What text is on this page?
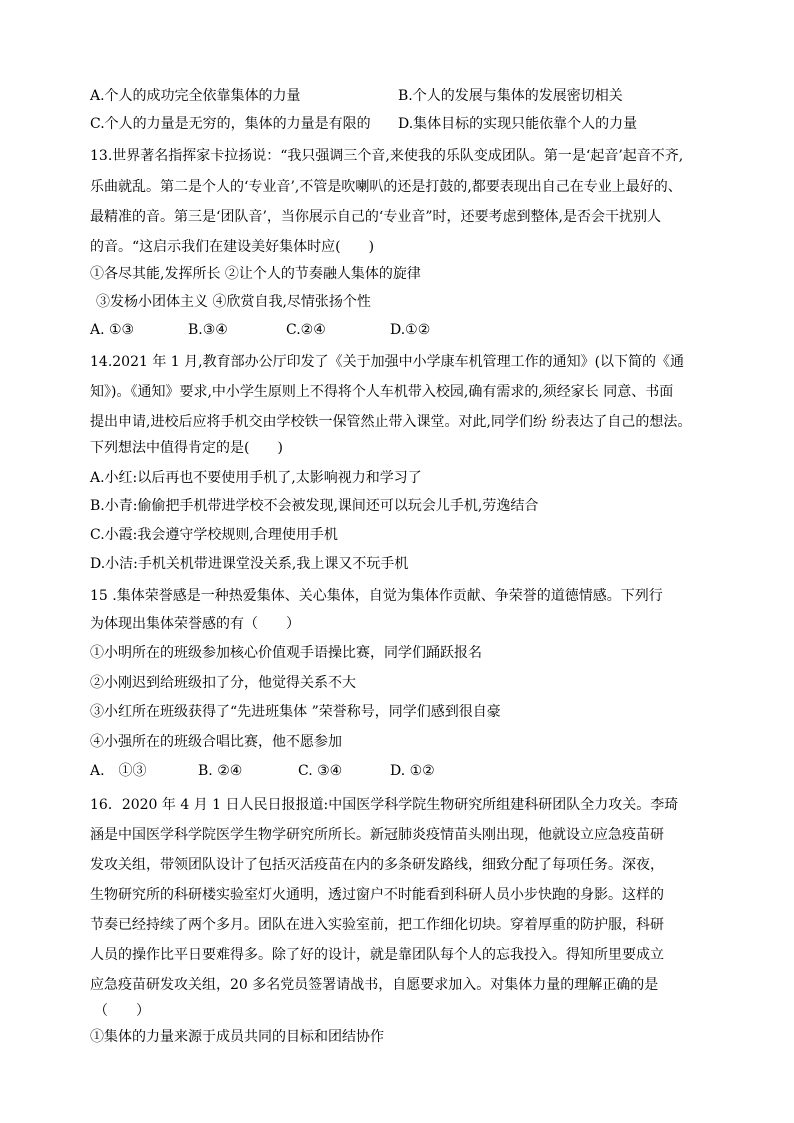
A.个人的成功完全依靠集体的力量	B.个人的发展与集体的发展密切相关
C.个人的力量是无穷的，集体的力量是有限的 D.集体目标的实现只能依靠个人的力量
13.世界著名指挥家卡拉扬说：“我只强调三个音,来使我的乐队变成团队。第一是‘起音’起音不齐,
乐曲就乱。第二是个人的‘专业音’,不管是吹喇叭的还是打鼓的,都要表现出自己在专业上最好的、
最精准的音。第三是‘团队音’，当你展示自己的‘专业音”时，还要考虑到整体,是否会干扰别人
的音。“这启示我们在建设美好集体时应(　　)
①各尽其能,发挥所长 ②让个人的节奏融人集体的旋律
③发杨小团体主义 ④欣赏自我,尽情张扬个性
A. ①③	B.③④	C.②④	D.①②
14.2021 年 1 月,教育部办公厅印发了《关于加强中小学康车机管理工作的通知》(以下简的《通
知》)。《通知》要求,中小学生原则上不得将个人车机带入校园,确有需求的,须经家长 同意、书面
提出申请,进校后应将手机交由学校铁一保管然止带入课堂。对此,同学们纷 纷表达了自己的想法。
下列想法中值得肯定的是(　　)
A.小红:以后再也不要使用手机了,太影响视力和学习了
B.小青:偷偷把手机带进学校不会被发现,课间还可以玩会儿手机,劳逸结合
C.小霞:我会遵守学校规则,合理使用手机
D.小洁:手机关机带进课堂没关系,我上课又不玩手机
15 .集体荣誉感是一种热爱集体、关心集体，自觉为集体作贡献、争荣誉的道德情感。下列行
为体现出集体荣誉感的有（　　）
①小明所在的班级参加核心价值观手语操比赛，同学们踊跃报名
②小刚迟到给班级扣了分，他觉得关系不大
③小红所在班级获得了“先进班集体 ”荣誉称号，同学们感到很自豪
④小强所在的班级合唱比赛，他不愿参加
A.　①③	B. ②④	C. ③④	D. ①②
16．2020 年 4 月 1 日人民日报报道:中国医学科学院生物研究所组建科研团队全力攻关。李琦
涵是中国医学科学院医学生物学研究所所长。新冠肺炎疫情苗头刚出现，他就设立应急疫苗研
发攻关组，带领团队设计了包括灭活疫苗在内的多条研发路线，细致分配了每项任务。深夜，
生物研究所的科研楼实验室灯火通明，透过窗户不时能看到科研人员小步快跑的身影。这样的
节奏已经持续了两个多月。团队在进入实验室前，把工作细化切块。穿着厚重的防护服，科研
人员的操作比平日要难得多。除了好的设计，就是靠团队每个人的忘我投入。得知所里要成立
应急疫苗研发攻关组，20 多名党员签署请战书，自愿要求加入。对集体力量的理解正确的是
（　　）
①集体的力量来源于成员共同的目标和团结协作
